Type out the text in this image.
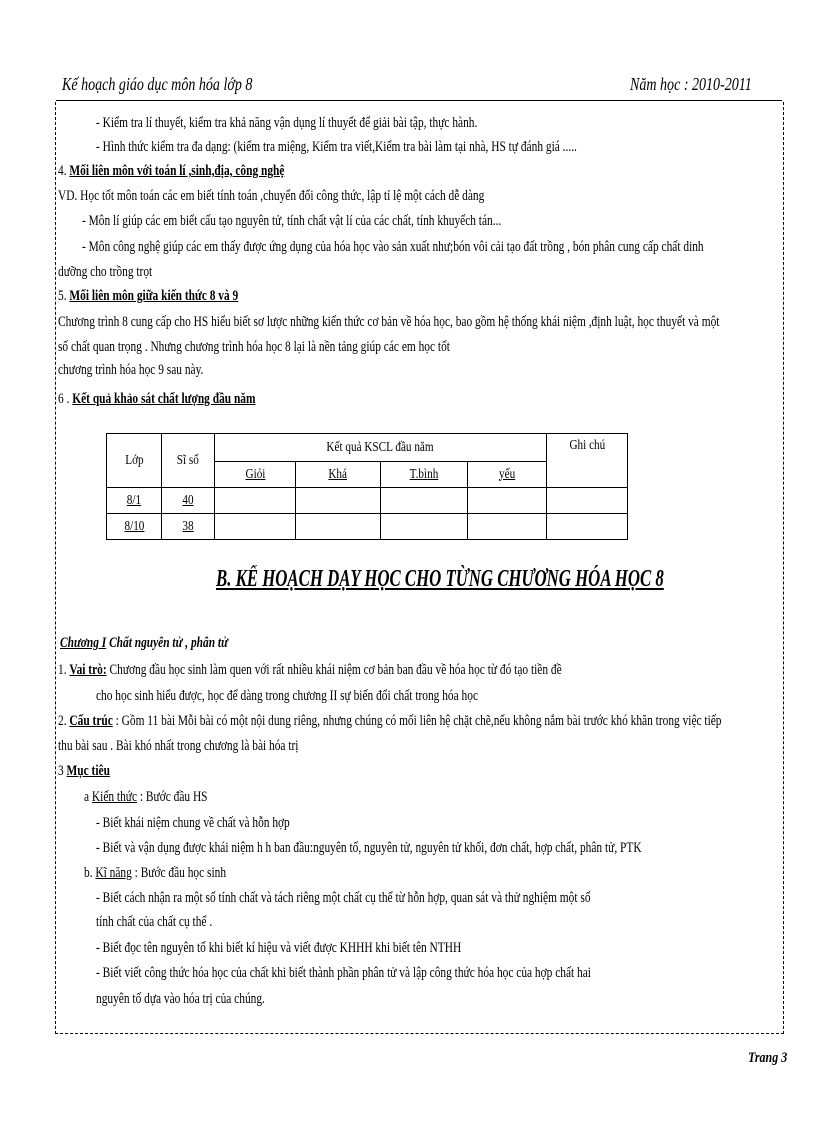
Kế hoạch giáo dục môn hóa lớp 8	Năm học : 2010-2011
- Kiểm tra lí thuyết, kiểm tra khả năng vận dụng lí thuyết để giải bài tập, thực hành.
- Hình thức kiểm tra đa dạng: (kiểm tra miệng, Kiểm tra viết,Kiểm tra bài làm tại nhà, HS tự đánh giá .....
4. Mối liên môn với toán lí ,sinh,địa, công nghệ
VD. Học tốt môn toán các em biết tính toán ,chuyển đổi công thức, lập tỉ lệ một cách dễ dàng
- Môn lí giúp các em biết cấu tạo nguyên tử, tính chất vật lí của các chất, tính khuyếch tán...
- Môn công nghệ giúp các em thấy được ứng dụng của hóa học vào sản xuất như;bón vôi cải tạo đất trồng , bón phân cung cấp chất dinh
dưỡng cho trồng trọt
5. Mối liên môn giữa kiến thức 8 và 9
Chương trình 8 cung cấp cho HS hiểu biết sơ lược những kiến thức cơ bản về hóa học, bao gồm hệ thống khái niệm ,định luật, học thuyết và một
số chất quan trọng . Nhưng chương trình hóa học 8 lại là nền tảng giúp các em học tốt
chương trình hóa học 9 sau này.
6 . Kết quả khảo sát chất lượng đầu năm
Lớp	Sĩ số	Kết quả KSCL đầu năm				Ghi chú
		Giỏi	Khá	T.bình	yếu	
8/1	40					
8/10	38					
B. KẾ HOẠCH DẠY HỌC CHO TỪNG CHƯƠNG HÓA HỌC 8
Chương I Chất nguyên tử , phân tử
1. Vai trò: Chương đầu học sinh làm quen với rất nhiều khái niệm cơ bản ban đầu về hóa học từ đó tạo tiền đề
cho học sinh hiểu được, học để dàng trong chương II sự biến đổi chất trong hóa học
2. Cấu trúc : Gồm 11 bài Mỗi bài có một nội dung riêng, nhưng chúng có mối liên hệ chặt chẽ,nếu không nắm bài trước khó khăn trong việc tiếp
thu bài sau . Bài khó nhất trong chương là bài hóa trị
3 Mục tiêu
a Kiến thức : Bước đầu HS
- Biết khái niệm chung về chất và hỗn hợp
- Biết và vận dụng được khái niệm h h ban đầu:nguyên tố, nguyên tử, nguyên tử khối, đơn chất, hợp chất, phân tử, PTK
b. Kĩ năng : Bước đầu học sinh
- Biết cách nhận ra một số tính chất và tách riêng một chất cụ thể từ hỗn hợp, quan sát và thử nghiệm một số
tính chất của chất cụ thể .
- Biết đọc tên nguyên tố khi biết kí hiệu và viết được KHHH khi biết tên NTHH
- Biết viết công thức hóa học của chất khi biết thành phần phân tử và lập công thức hóa học của hợp chất hai
nguyên tố dựa vào hóa trị của chúng.
Trang 3
